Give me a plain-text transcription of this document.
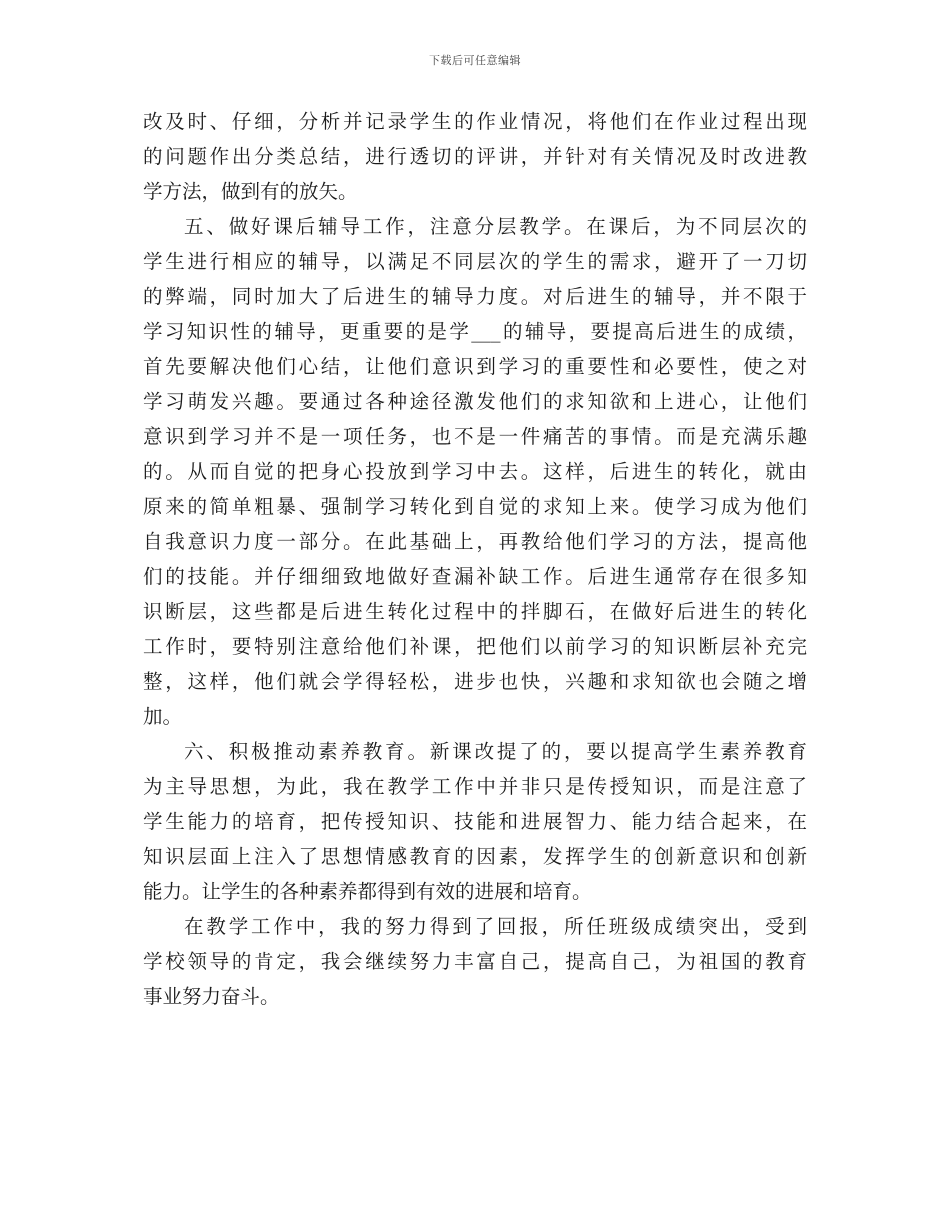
下载后可任意编辑
改及时、仔细，分析并记录学生的作业情况，将他们在作业过程出现
的问题作出分类总结，进行透切的评讲，并针对有关情况及时改进教
学方法，做到有的放矢。
五、做好课后辅导工作，注意分层教学。在课后，为不同层次的
学生进行相应的辅导，以满足不同层次的学生的需求，避开了一刀切
的弊端，同时加大了后进生的辅导力度。对后进生的辅导，并不限于
学习知识性的辅导，更重要的是学___的辅导，要提高后进生的成绩，
首先要解决他们心结，让他们意识到学习的重要性和必要性，使之对
学习萌发兴趣。要通过各种途径激发他们的求知欲和上进心，让他们
意识到学习并不是一项任务，也不是一件痛苦的事情。而是充满乐趣
的。从而自觉的把身心投放到学习中去。这样，后进生的转化，就由
原来的简单粗暴、强制学习转化到自觉的求知上来。使学习成为他们
自我意识力度一部分。在此基础上，再教给他们学习的方法，提高他
们的技能。并仔细细致地做好查漏补缺工作。后进生通常存在很多知
识断层，这些都是后进生转化过程中的拌脚石，在做好后进生的转化
工作时，要特别注意给他们补课，把他们以前学习的知识断层补充完
整，这样，他们就会学得轻松，进步也快，兴趣和求知欲也会随之增
加。
六、积极推动素养教育。新课改提了的，要以提高学生素养教育
为主导思想，为此，我在教学工作中并非只是传授知识，而是注意了
学生能力的培育，把传授知识、技能和进展智力、能力结合起来，在
知识层面上注入了思想情感教育的因素，发挥学生的创新意识和创新
能力。让学生的各种素养都得到有效的进展和培育。
在教学工作中，我的努力得到了回报，所任班级成绩突出，受到
学校领导的肯定，我会继续努力丰富自己，提高自己，为祖国的教育
事业努力奋斗。
